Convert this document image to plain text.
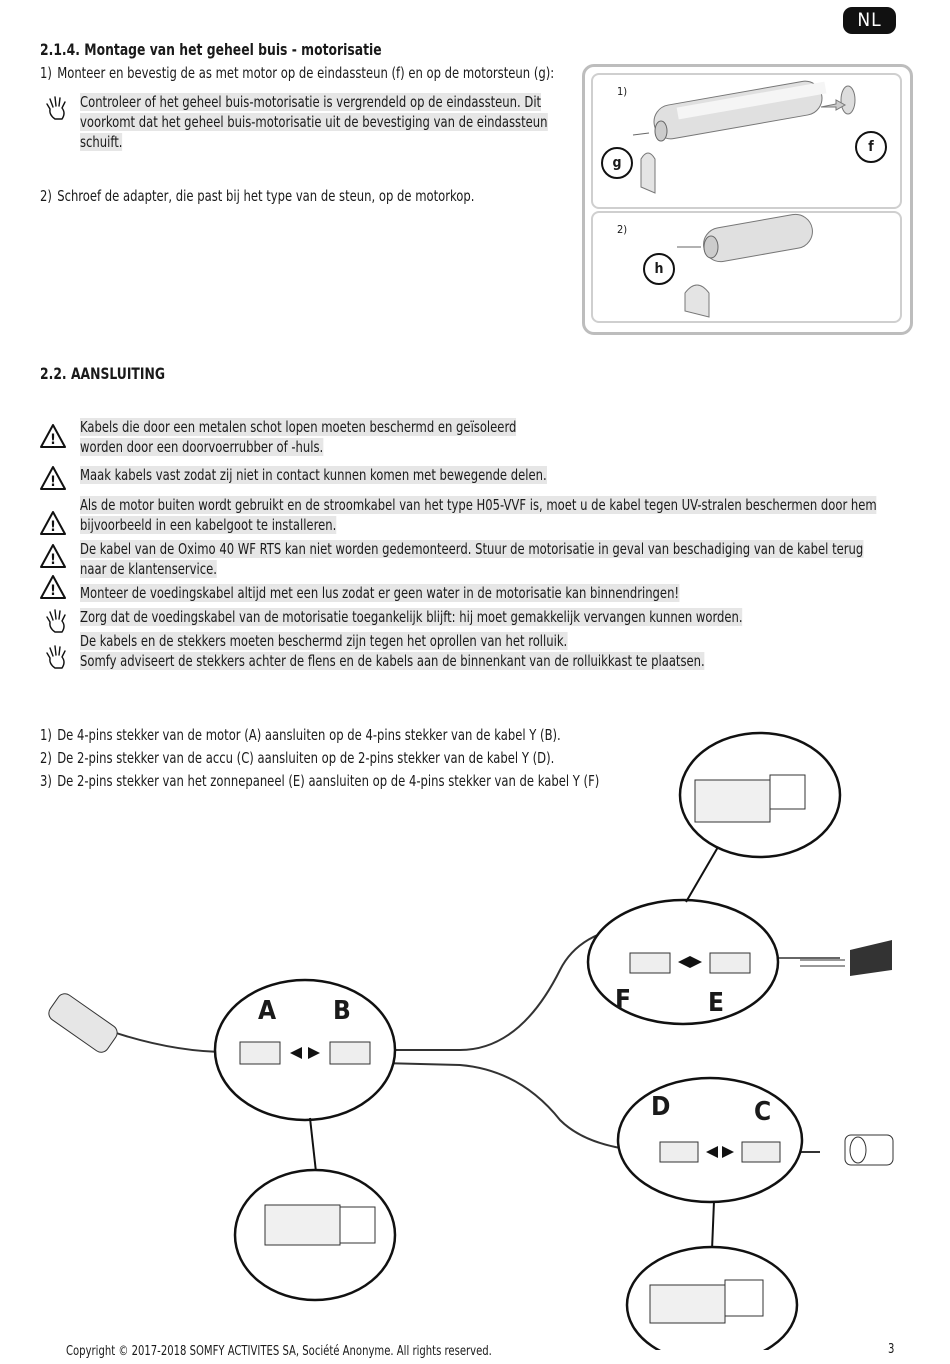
NL
2.1.4. Montage van het geheel buis - motorisatie
1) Monteer en bevestig de as met motor op de eindassteun (f) en op de motorsteun (g):
Controleer of het geheel buis-motorisatie is vergrendeld op de eindassteun. Dit
voorkomt dat het geheel buis-motorisatie uit de bevestiging van de eindassteun
schuift.
2) Schroef de adapter, die past bij het type van de steun, op de motorkop.
1)
f
g
2)
h
2.2. AANSLUITING
!
!
!
!
!
Kabels die door een metalen schot lopen moeten beschermd en geïsoleerd
worden door een doorvoerrubber of -huls.
Maak kabels vast zodat zij niet in contact kunnen komen met bewegende delen.
Als de motor buiten wordt gebruikt en de stroomkabel van het type H05-VVF is, moet u de kabel tegen UV-stralen beschermen door hem
bijvoorbeeld in een kabelgoot te installeren.
De kabel van de Oximo 40 WF RTS kan niet worden gedemonteerd. Stuur de motorisatie in geval van beschadiging van de kabel terug
naar de klantenservice.
Monteer de voedingskabel altijd met een lus zodat er geen water in de motorisatie kan binnendringen!
Zorg dat de voedingskabel van de motorisatie toegankelijk blijft: hij moet gemakkelijk vervangen kunnen worden.
De kabels en de stekkers moeten beschermd zijn tegen het oprollen van het rolluik.
Somfy adviseert de stekkers achter de flens en de kabels aan de binnenkant van de rolluikkast te plaatsen.
1) De 4-pins stekker van de motor (A) aansluiten op de 4-pins stekker van de kabel Y (B).
2) De 2-pins stekker van de accu (C) aansluiten op de 2-pins stekker van de kabel Y (D).
3) De 2-pins stekker van het zonnepaneel (E) aansluiten op de 4-pins stekker van de kabel Y (F)
A B	F	E
D	C
Copyright © 2017-2018 SOMFY ACTIVITES SA, Société Anonyme. All rights reserved.	3
